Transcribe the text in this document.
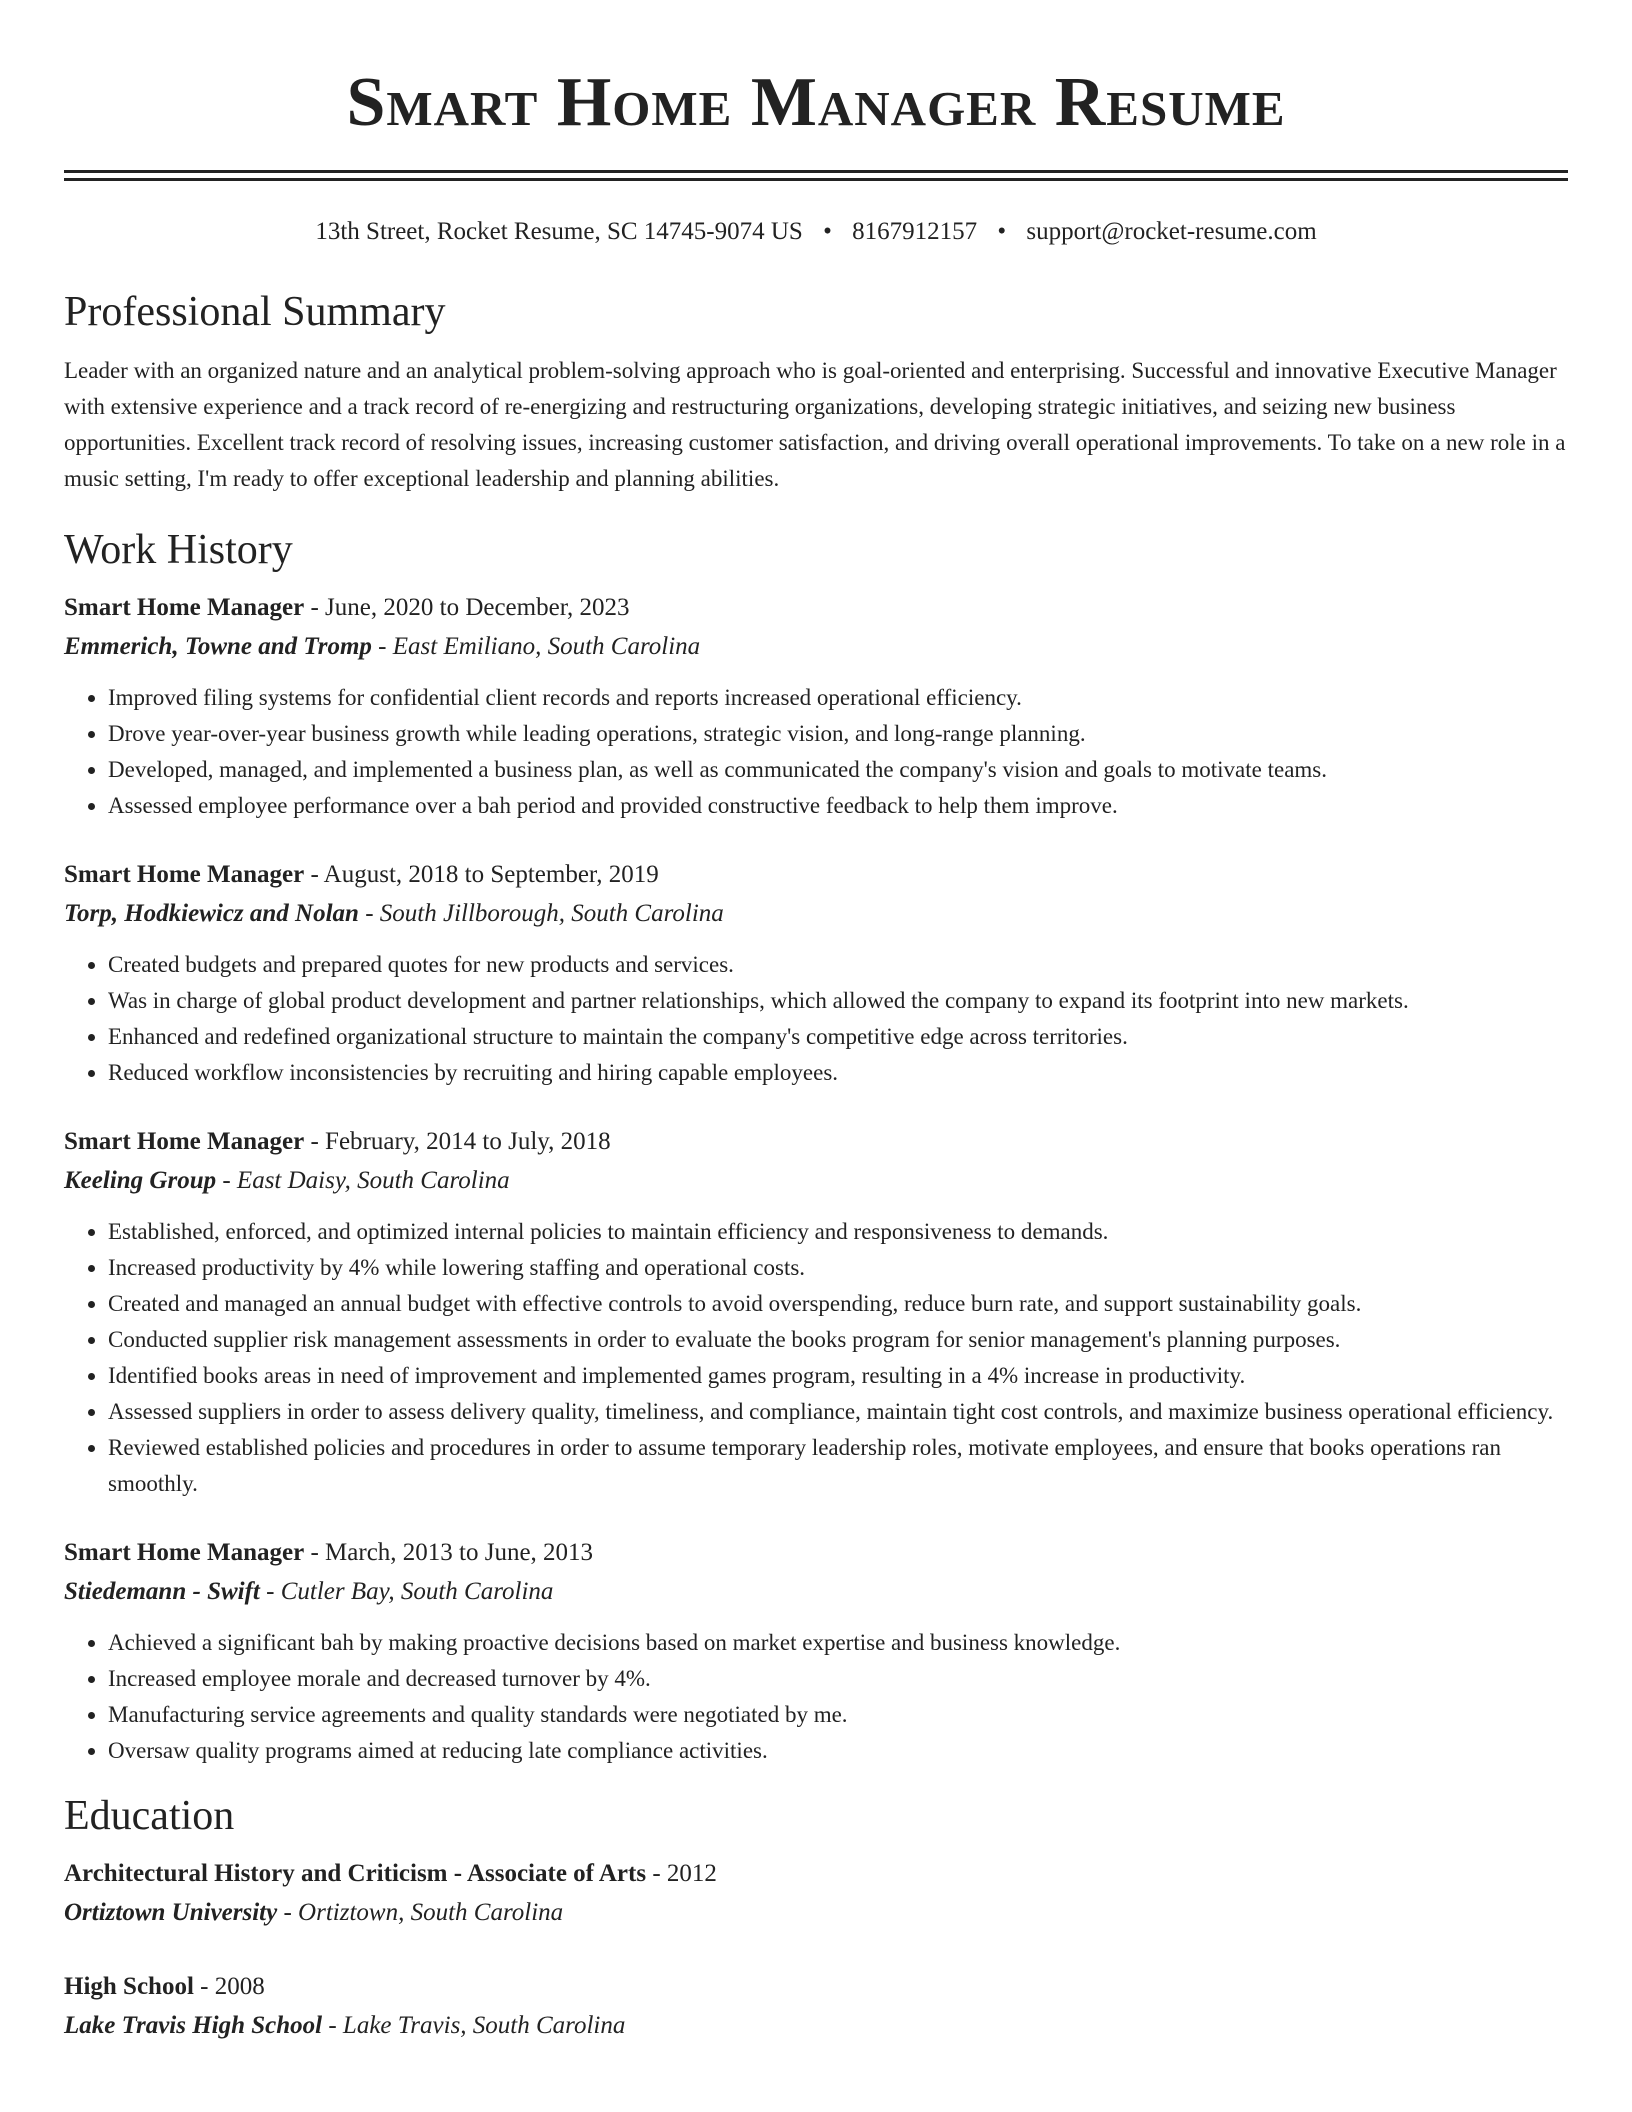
Smart Home Manager Resume
13th Street, Rocket Resume, SC 14745-9074 US • 8167912157 • support@rocket-resume.com
Professional Summary

Leader with an organized nature and an analytical problem-solving approach who is goal-oriented and enterprising. Successful and innovative Executive Manager with extensive experience and a track record of re-energizing and restructuring organizations, developing strategic initiatives, and seizing new business opportunities. Excellent track record of resolving issues, increasing customer satisfaction, and driving overall operational improvements. To take on a new role in a music setting, I'm ready to offer exceptional leadership and planning abilities.

Work History
Smart Home Manager - June, 2020 to December, 2023
Emmerich, Towne and Tromp - East Emiliano, South Carolina
• Improved filing systems for confidential client records and reports increased operational efficiency.
• Drove year-over-year business growth while leading operations, strategic vision, and long-range planning.
• Developed, managed, and implemented a business plan, as well as communicated the company's vision and goals to motivate teams.
• Assessed employee performance over a bah period and provided constructive feedback to help them improve.
Smart Home Manager - August, 2018 to September, 2019
Torp, Hodkiewicz and Nolan - South Jillborough, South Carolina
• Created budgets and prepared quotes for new products and services.
• Was in charge of global product development and partner relationships, which allowed the company to expand its footprint into new markets.
• Enhanced and redefined organizational structure to maintain the company's competitive edge across territories.
• Reduced workflow inconsistencies by recruiting and hiring capable employees.
Smart Home Manager - February, 2014 to July, 2018
Keeling Group - East Daisy, South Carolina
• Established, enforced, and optimized internal policies to maintain efficiency and responsiveness to demands.
• Increased productivity by 4% while lowering staffing and operational costs.
• Created and managed an annual budget with effective controls to avoid overspending, reduce burn rate, and support sustainability goals.
• Conducted supplier risk management assessments in order to evaluate the books program for senior management's planning purposes.
• Identified books areas in need of improvement and implemented games program, resulting in a 4% increase in productivity.
• Assessed suppliers in order to assess delivery quality, timeliness, and compliance, maintain tight cost controls, and maximize business operational efficiency.
• Reviewed established policies and procedures in order to assume temporary leadership roles, motivate employees, and ensure that books operations ran smoothly.
Smart Home Manager - March, 2013 to June, 2013
Stiedemann - Swift - Cutler Bay, South Carolina
• Achieved a significant bah by making proactive decisions based on market expertise and business knowledge.
• Increased employee morale and decreased turnover by 4%.
• Manufacturing service agreements and quality standards were negotiated by me.
• Oversaw quality programs aimed at reducing late compliance activities.
Education
Architectural History and Criticism - Associate of Arts - 2012
Ortiztown University - Ortiztown, South Carolina
High School - 2008
Lake Travis High School - Lake Travis, South Carolina
